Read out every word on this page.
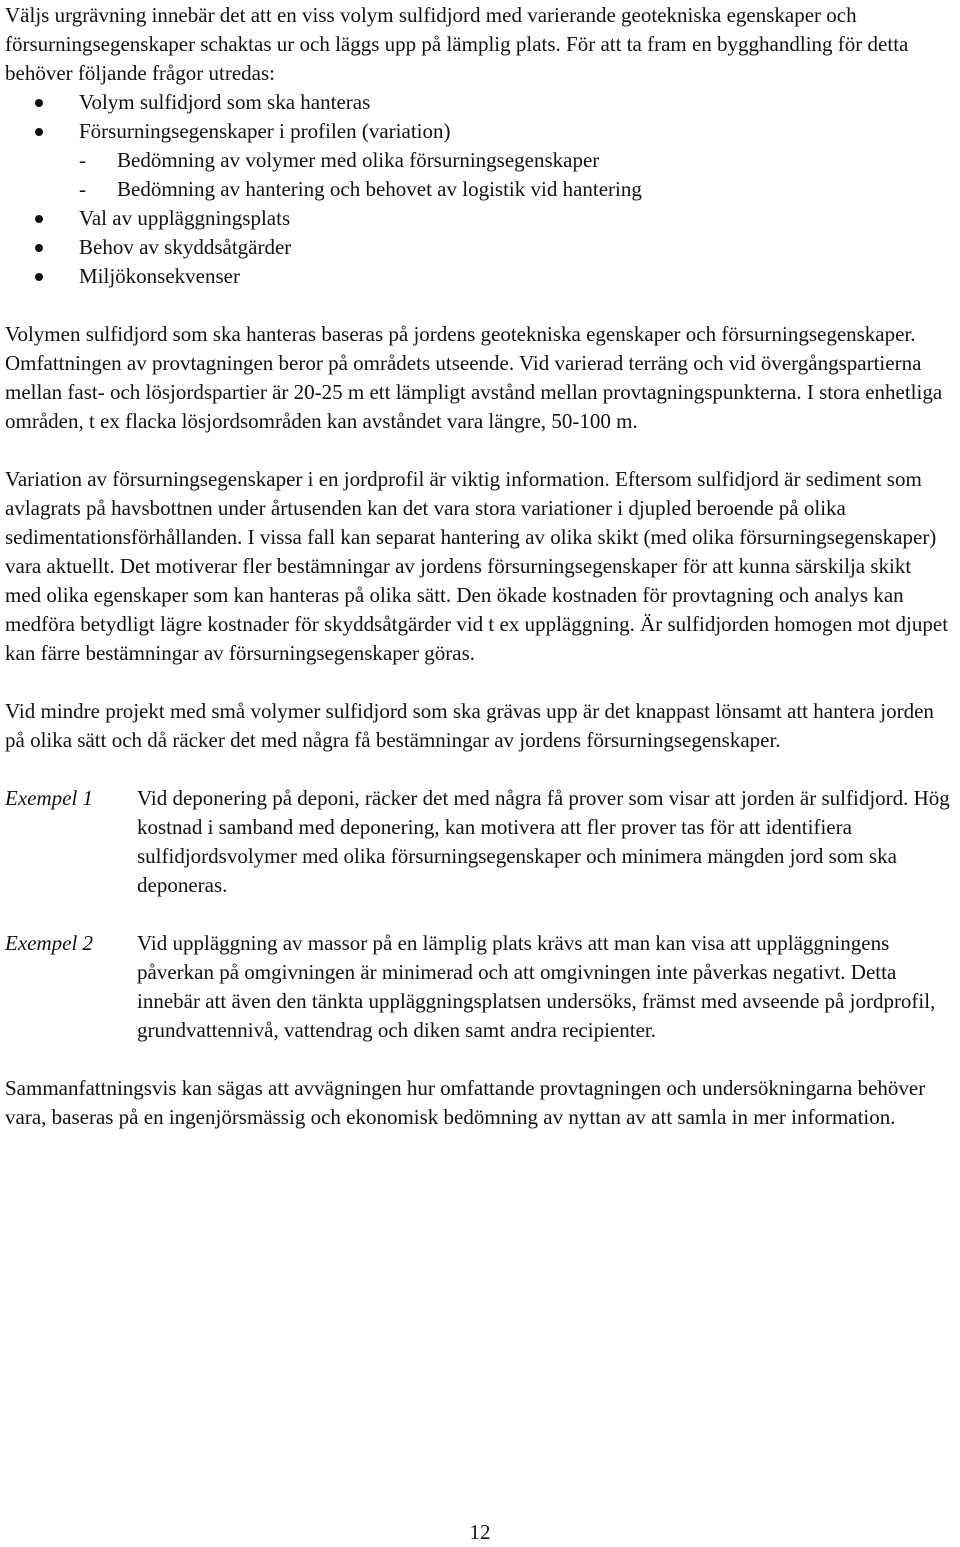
Väljs urgrävning innebär det att en viss volym sulfidjord med varierande geotekniska egenskaper och försurningsegenskaper schaktas ur och läggs upp på lämplig plats. För att ta fram en bygghandling för detta behöver följande frågor utredas:

Volym sulfidjord som ska hanteras
Försurningsegenskaper i profilen (variation)
- Bedömning av volymer med olika försurningsegenskaper
- Bedömning av hantering och behovet av logistik vid hantering
Val av uppläggningsplats
Behov av skyddsåtgärder
Miljökonsekvenser

Volymen sulfidjord som ska hanteras baseras på jordens geotekniska egenskaper och försurningsegenskaper. Omfattningen av provtagningen beror på områdets utseende. Vid varierad terräng och vid övergångspartierna mellan fast- och lösjordspartier är 20-25 m ett lämpligt avstånd mellan provtagningspunkterna. I stora enhetliga områden, t ex flacka lösjordsområden kan avståndet vara längre, 50-100 m.

Variation av försurningsegenskaper i en jordprofil är viktig information. Eftersom sulfidjord är sediment som avlagrats på havsbottnen under årtusenden kan det vara stora variationer i djupled beroende på olika sedimentationsförhållanden. I vissa fall kan separat hantering av olika skikt (med olika försurningsegenskaper) vara aktuellt. Det motiverar fler bestämningar av jordens försurningsegenskaper för att kunna särskilja skikt med olika egenskaper som kan hanteras på olika sätt. Den ökade kostnaden för provtagning och analys kan medföra betydligt lägre kostnader för skyddsåtgärder vid t ex uppläggning. Är sulfidjorden homogen mot djupet kan färre bestämningar av försurningsegenskaper göras.

Vid mindre projekt med små volymer sulfidjord som ska grävas upp är det knappast lönsamt att hantera jorden på olika sätt och då räcker det med några få bestämningar av jordens försurningsegenskaper.

Exempel 1	Vid deponering på deponi, räcker det med några få prover som visar att jorden är sulfidjord. Hög kostnad i samband med deponering, kan motivera att fler prover tas för att identifiera sulfidjordsvolymer med olika försurningsegenskaper och minimera mängden jord som ska deponeras.
Exempel 2	Vid uppläggning av massor på en lämplig plats krävs att man kan visa att uppläggningens påverkan på omgivningen är minimerad och att omgivningen inte påverkas negativt. Detta innebär att även den tänkta uppläggningsplatsen undersöks, främst med avseende på jordprofil, grundvattennivå, vattendrag och diken samt andra recipienter.

Sammanfattningsvis kan sägas att avvägningen hur omfattande provtagningen och undersökningarna behöver vara, baseras på en ingenjörsmässig och ekonomisk bedömning av nyttan av att samla in mer information.

12
